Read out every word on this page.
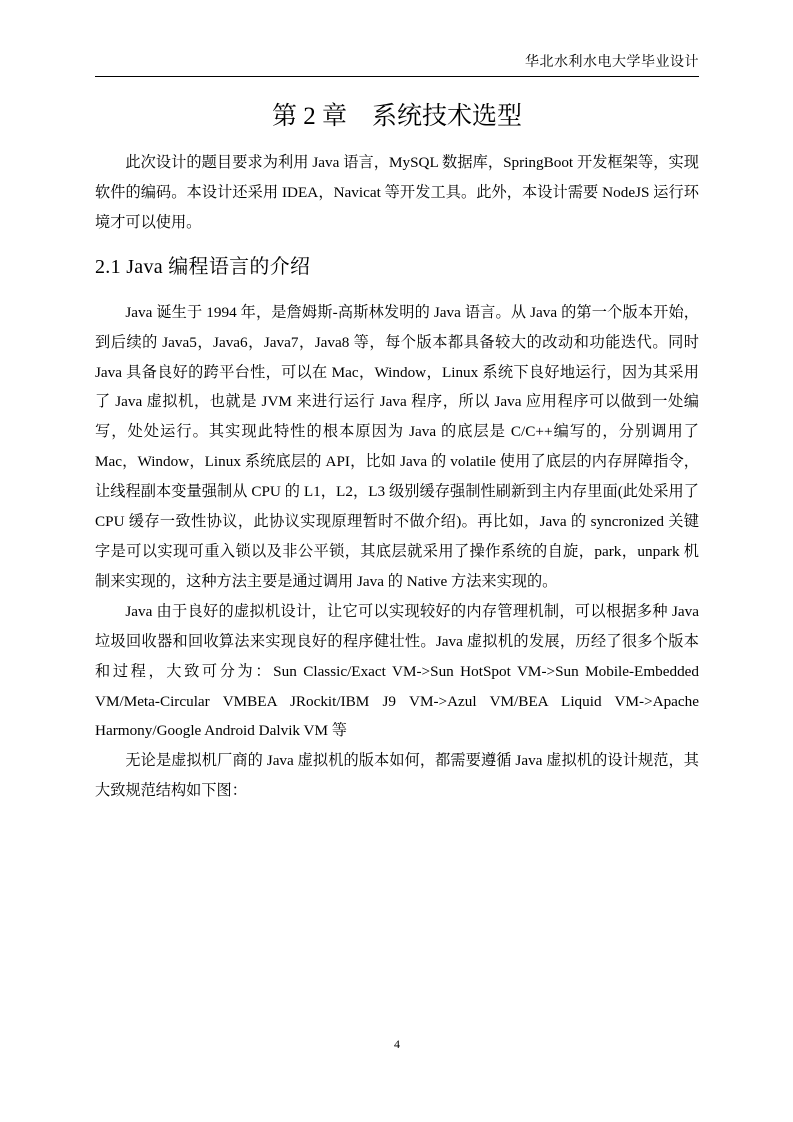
华北水利水电大学毕业设计
第 2 章    系统技术选型

此次设计的题目要求为利用 Java 语言，MySQL 数据库，SpringBoot 开发框架等，实现软件的编码。本设计还采用 IDEA，Navicat 等开发工具。此外，本设计需要 NodeJS 运行环境才可以使用。

2.1 Java 编程语言的介绍

Java 诞生于 1994 年，是詹姆斯-高斯林发明的 Java 语言。从 Java 的第一个版本开始，到后续的 Java5，Java6，Java7，Java8 等，每个版本都具备较大的改动和功能迭代。同时 Java 具备良好的跨平台性，可以在 Mac，Window，Linux 系统下良好地运行，因为其采用了 Java 虚拟机，也就是 JVM 来进行运行 Java 程序，所以 Java 应用程序可以做到一处编写，处处运行。其实现此特性的根本原因为 Java 的底层是 C/C++编写的，分别调用了 Mac，Window，Linux 系统底层的 API，比如 Java 的 volatile 使用了底层的内存屏障指令，让线程副本变量强制从 CPU 的 L1，L2，L3 级别缓存强制性刷新到主内存里面(此处采用了 CPU 缓存一致性协议，此协议实现原理暂时不做介绍)。再比如，Java 的 syncronized 关键字是可以实现可重入锁以及非公平锁，其底层就采用了操作系统的自旋，park，unpark 机制来实现的，这种方法主要是通过调用 Java 的 Native 方法来实现的。

Java 由于良好的虚拟机设计，让它可以实现较好的内存管理机制，可以根据多种 Java 垃圾回收器和回收算法来实现良好的程序健壮性。Java 虚拟机的发展，历经了很多个版本和过程，大致可分为：Sun Classic/Exact VM->Sun HotSpot VM->Sun Mobile-Embedded VM/Meta-Circular VMBEA JRockit/IBM J9 VM->Azul VM/BEA Liquid VM->Apache Harmony/Google Android Dalvik VM 等

无论是虚拟机厂商的 Java 虚拟机的版本如何，都需要遵循 Java 虚拟机的设计规范，其大致规范结构如下图：

4
